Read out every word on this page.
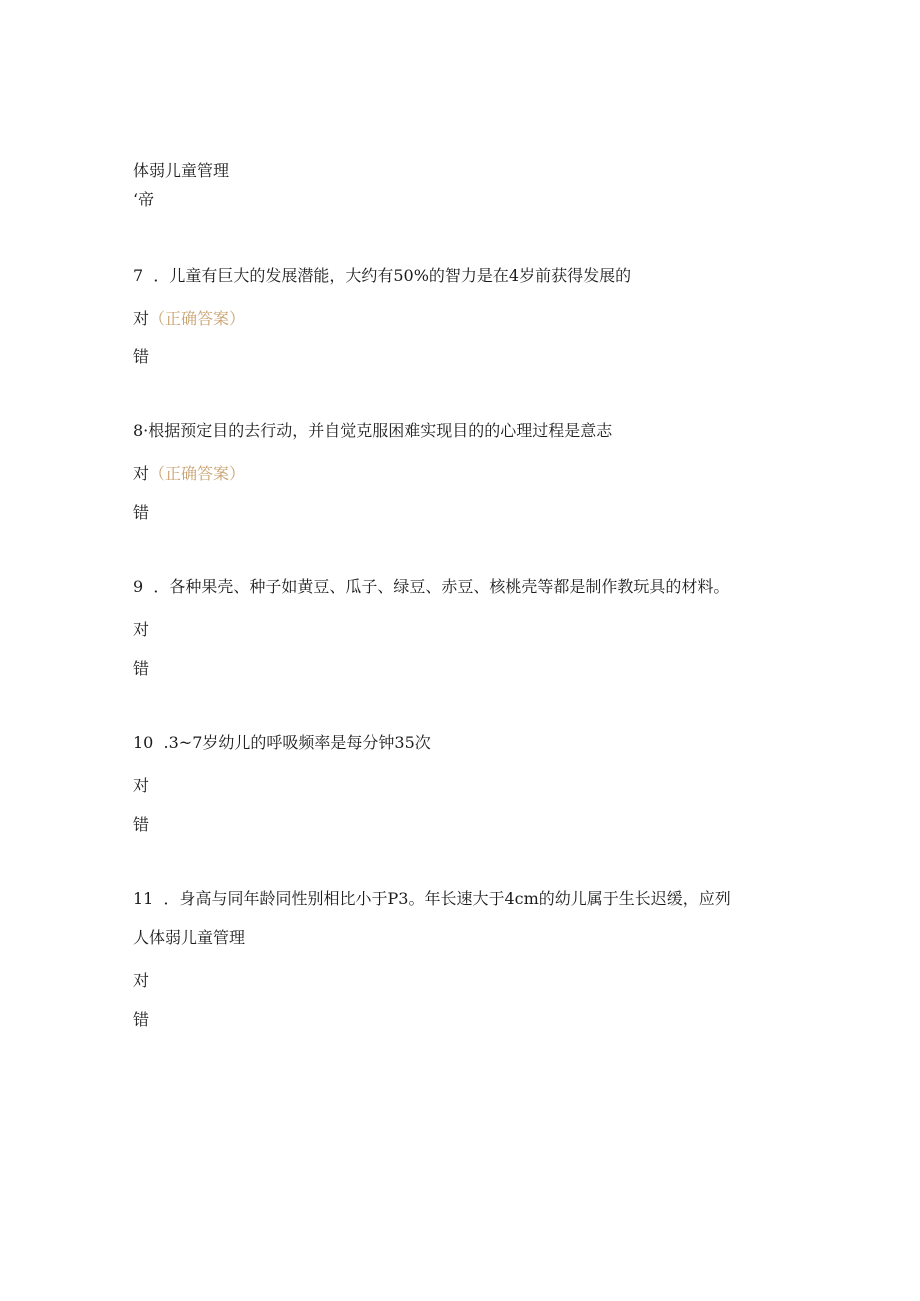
体弱儿童管理
‘帝
7 ．儿童有巨大的发展潜能，大约有50%的智力是在4岁前获得发展的
对（正确答案）
错
8·根据预定目的去行动，并自觉克服困难实现目的的心理过程是意志
对（正确答案）
错
9 ．各种果壳、种子如黄豆、瓜子、绿豆、赤豆、核桃壳等都是制作教玩具的材料。
对
错
10 .3~7岁幼儿的呼吸频率是每分钟35次
对
错
11 ．身高与同年龄同性别相比小于P3。年长速大于4cm的幼儿属于生长迟缓，应列
人体弱儿童管理
对
错
